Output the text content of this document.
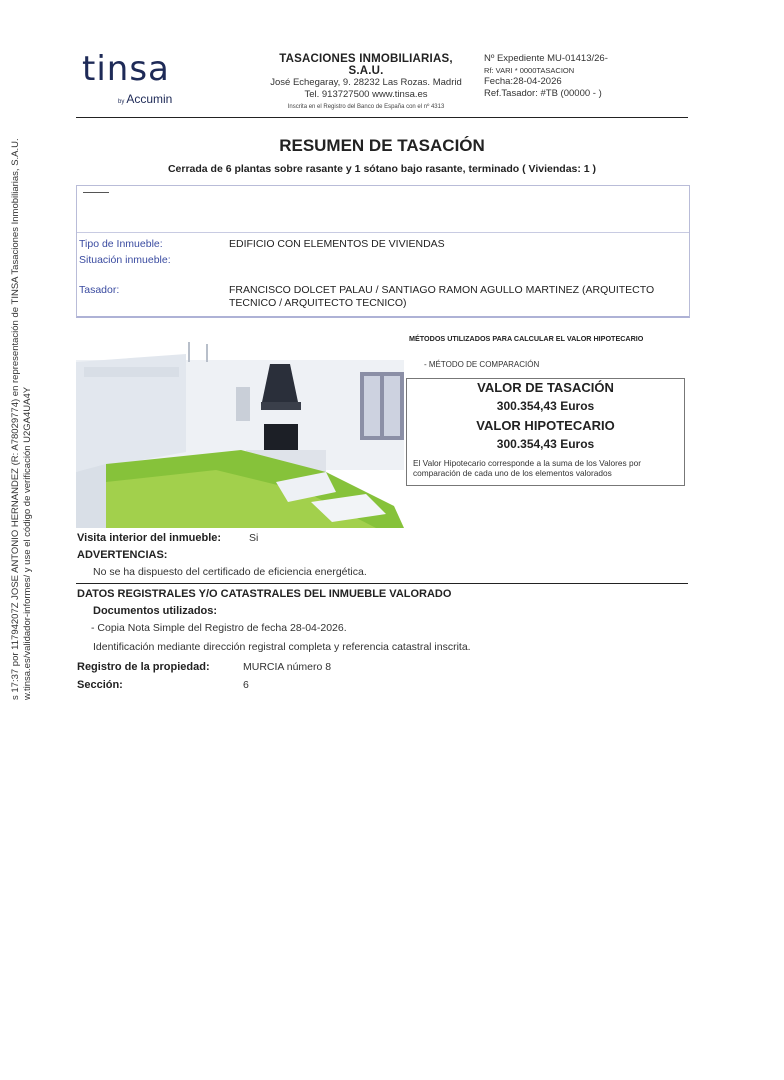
s 17:37 por 11794207Z JOSE ANTONIO HERNANDEZ (R: A78029774) en representación de TINSA Tasaciones Inmobiliarias, S.A.U. w.tinsa.es/validador-informes/ y use el código de verificación U2GA4UA4Y
tinsa
by Accumin
TASACIONES INMOBILIARIAS, S.A.U.
José Echegaray, 9. 28232 Las Rozas. Madrid
Tel. 913727500 www.tinsa.es
Inscrita en el Registro del Banco de España con el nº 4313
Nº Expediente MU-01413/26-
Rf: VARI * 0000TASACION
Fecha:28-04-2026
Ref.Tasador: #TB (00000 - )
RESUMEN DE TASACIÓN
Cerrada de 6 plantas sobre rasante y 1 sótano bajo rasante, terminado ( Viviendas: 1 )
Tipo de Inmueble:	EDIFICIO CON ELEMENTOS DE VIVIENDAS
Situación inmueble:
Tasador:	FRANCISCO DOLCET PALAU / SANTIAGO RAMON AGULLO MARTINEZ (ARQUITECTO
TECNICO / ARQUITECTO TECNICO)
MÉTODOS UTILIZADOS PARA CALCULAR EL VALOR HIPOTECARIO
- MÉTODO DE COMPARACIÓN
VALOR DE TASACIÓN
300.354,43 Euros
VALOR HIPOTECARIO
300.354,43 Euros
El Valor Hipotecario corresponde a la suma de los Valores por comparación de cada uno de los elementos valorados
Visita interior del inmueble:	Si
ADVERTENCIAS:
No se ha dispuesto del certificado de eficiencia energética.
DATOS REGISTRALES Y/O CATASTRALES DEL INMUEBLE VALORADO
Documentos utilizados:
- Copia Nota Simple del Registro de fecha 28-04-2026.
Identificación mediante dirección registral completa y referencia catastral inscrita.
Registro de la propiedad:	MURCIA número 8
Sección:	6
